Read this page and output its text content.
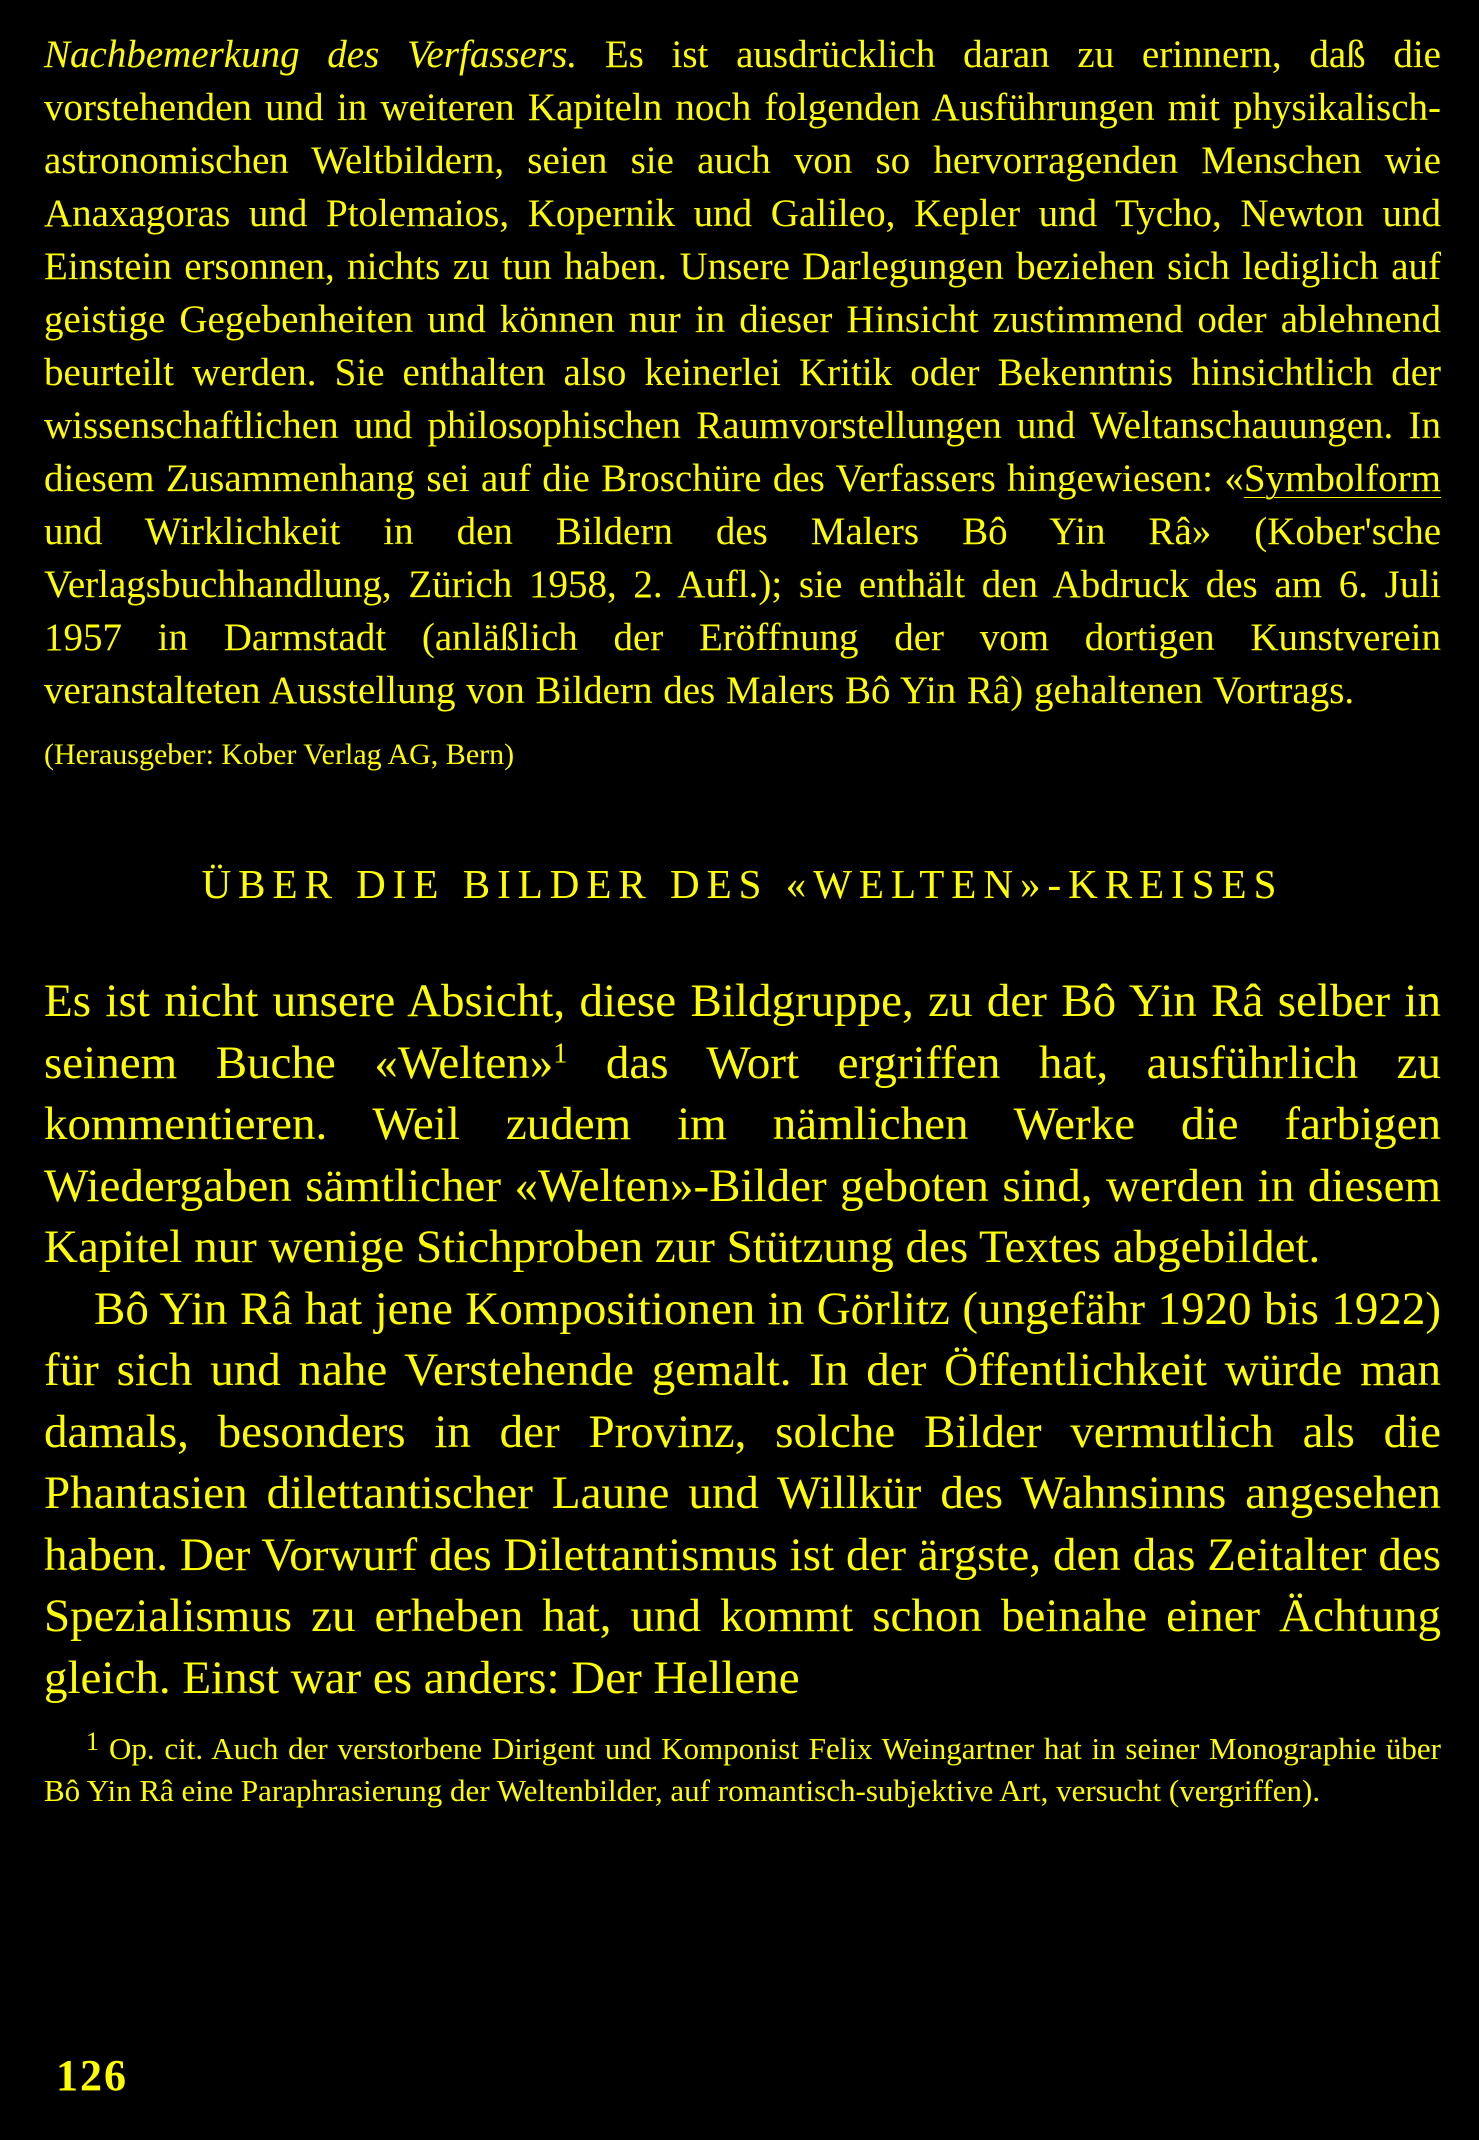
Nachbemerkung des Verfassers. Es ist ausdrücklich daran zu erinnern, daß die vorstehenden und in weiteren Kapiteln noch folgenden Ausführungen mit physikalisch-astronomischen Weltbildern, seien sie auch von so hervorragenden Menschen wie Anaxagoras und Ptolemaios, Kopernik und Galileo, Kepler und Tycho, Newton und Einstein ersonnen, nichts zu tun haben. Unsere Darlegungen beziehen sich lediglich auf geistige Gegebenheiten und können nur in dieser Hinsicht zustimmend oder ablehnend beurteilt werden. Sie enthalten also keinerlei Kritik oder Bekenntnis hinsichtlich der wissenschaftlichen und philosophischen Raumvorstellungen und Weltanschauungen. In diesem Zusammenhang sei auf die Broschüre des Verfassers hingewiesen: «Symbolform und Wirklichkeit in den Bildern des Malers Bô Yin Râ» (Kober'sche Verlagsbuchhandlung, Zürich 1958, 2. Aufl.); sie enthält den Abdruck des am 6. Juli 1957 in Darmstadt (anläßlich der Eröffnung der vom dortigen Kunstverein veranstalteten Ausstellung von Bildern des Malers Bô Yin Râ) gehaltenen Vortrags.
(Herausgeber: Kober Verlag AG, Bern)
ÜBER DIE BILDER DES «WELTEN»-KREISES

Es ist nicht unsere Absicht, diese Bildgruppe, zu der Bô Yin Râ selber in seinem Buche «Welten»$^1$ das Wort ergriffen hat, ausführlich zu kommentieren. Weil zudem im nämlichen Werke die farbigen Wiedergaben sämtlicher «Welten»-Bilder geboten sind, werden in diesem Kapitel nur wenige Stichproben zur Stützung des Textes abgebildet.

Bô Yin Râ hat jene Kompositionen in Görlitz (ungefähr 1920 bis 1922) für sich und nahe Verstehende gemalt. In der Öffentlichkeit würde man damals, besonders in der Provinz, solche Bilder vermutlich als die Phantasien dilettantischer Laune und Willkür des Wahnsinns angesehen haben. Der Vorwurf des Dilettantismus ist der ärgste, den das Zeitalter des Spezialismus zu erheben hat, und kommt schon beinahe einer Ächtung gleich. Einst war es anders: Der Hellene

$^1$ Op. cit. Auch der verstorbene Dirigent und Komponist Felix Weingartner hat in seiner Monographie über Bô Yin Râ eine Paraphrasierung der Weltenbilder, auf romantisch-subjektive Art, versucht (vergriffen).
126
